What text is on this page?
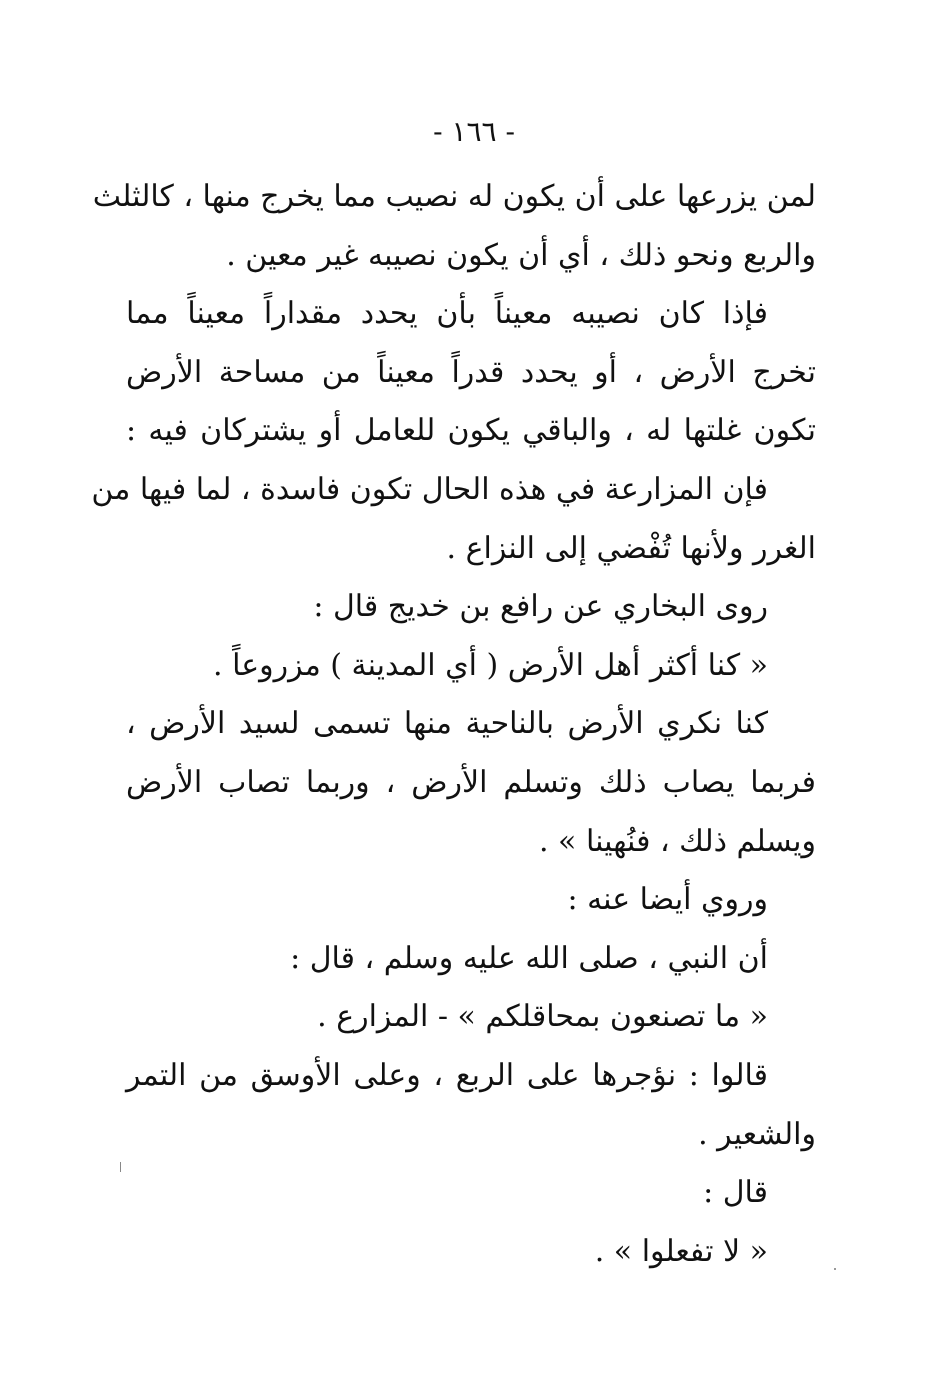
- ١٦٦ -
لمن يزرعها على أن يكون له نصيب مما يخرج منها ، كالثلث
والربع ونحو ذلك ، أي أن يكون نصيبه غير معين .
فإذا كان نصيبه معيناً بأن يحدد مقداراً معيناً مما
تخرج الأرض ، أو يحدد قدراً معيناً من مساحة الأرض
تكون غلتها له ، والباقي يكون للعامل أو يشتركان فيه :
فإن المزارعة في هذه الحال تكون فاسدة ، لما فيها من
الغرر ولأنها تُفْضي إلى النزاع .
روى البخاري عن رافع بن خديج قال :
« كنا أكثر أهل الأرض ( أي المدينة ) مزروعاً .
كنا نكري الأرض بالناحية منها تسمى لسيد الأرض ،
فربما يصاب ذلك وتسلم الأرض ، وربما تصاب الأرض
ويسلم ذلك ، فنُهينا » .
وروي أيضا عنه :
أن النبي ، صلى الله عليه وسلم ، قال :
« ما تصنعون بمحاقلكم » - المزارع .
قالوا : نؤجرها على الربع ، وعلى الأوسق من التمر
والشعير .
قال :
« لا تفعلوا » .
